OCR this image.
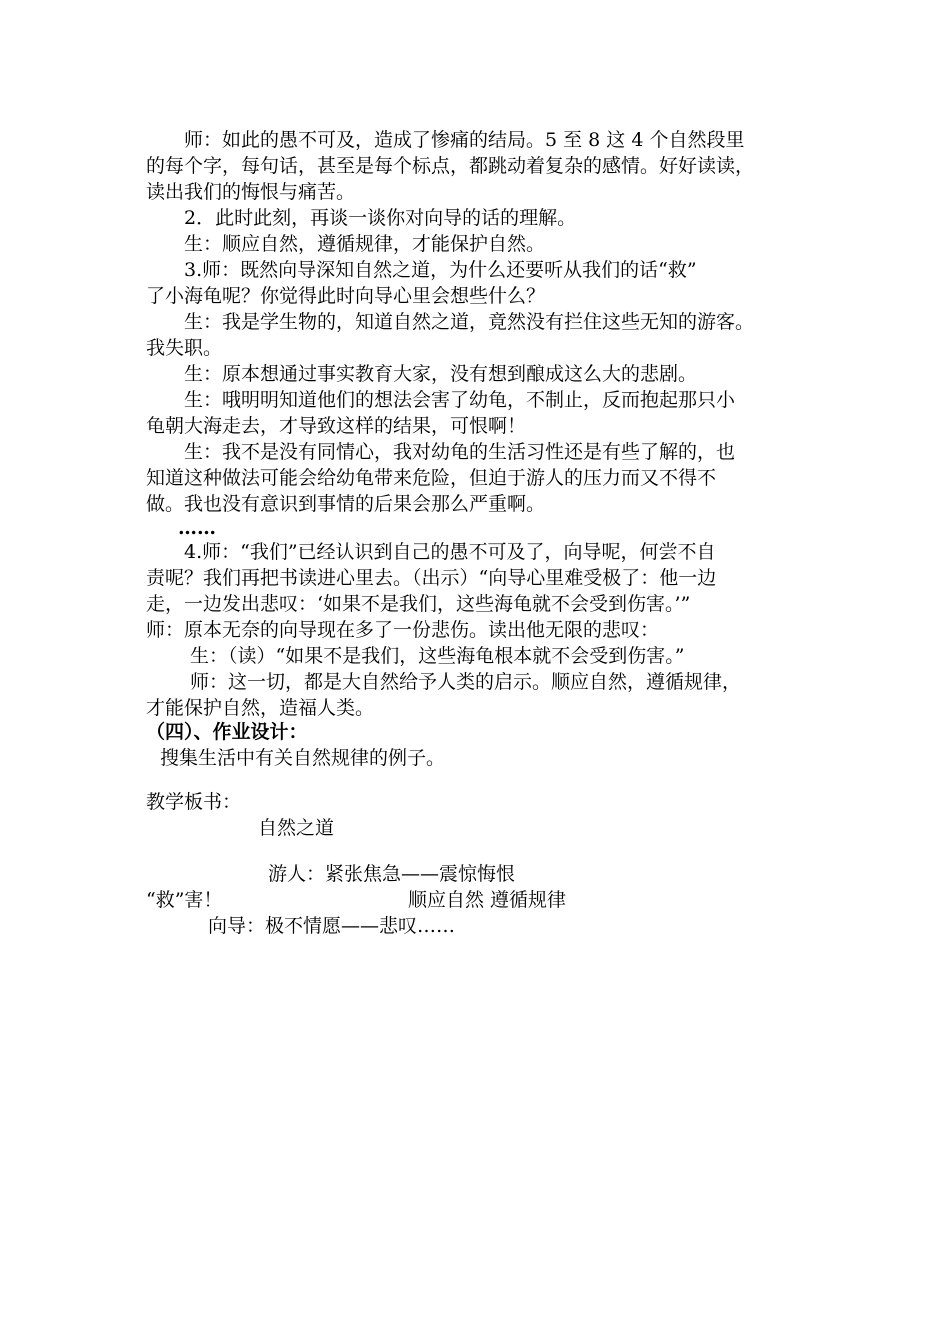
师：如此的愚不可及，造成了惨痛的结局。5 至 8 这 4 个自然段里
的每个字，每句话，甚至是每个标点，都跳动着复杂的感情。好好读读，
读出我们的悔恨与痛苦。
2．此时此刻，再谈一谈你对向导的话的理解。
生：顺应自然，遵循规律，才能保护自然。
3.师：既然向导深知自然之道，为什么还要听从我们的话“救”
了小海龟呢？你觉得此时向导心里会想些什么？
生：我是学生物的，知道自然之道，竟然没有拦住这些无知的游客。
我失职。
生：原本想通过事实教育大家，没有想到酿成这么大的悲剧。
生：哦明明知道他们的想法会害了幼龟，不制止，反而抱起那只小
龟朝大海走去，才导致这样的结果，可恨啊！
生：我不是没有同情心，我对幼龟的生活习性还是有些了解的，也
知道这种做法可能会给幼龟带来危险，但迫于游人的压力而又不得不
做。我也没有意识到事情的后果会那么严重啊。
……
4.师：“我们”已经认识到自己的愚不可及了，向导呢，何尝不自
责呢？我们再把书读进心里去。（出示）“向导心里难受极了：他一边
走，一边发出悲叹：‘如果不是我们，这些海龟就不会受到伤害。’”
师：原本无奈的向导现在多了一份悲伤。读出他无限的悲叹：
生：（读）“如果不是我们，这些海龟根本就不会受到伤害。”
师：这一切，都是大自然给予人类的启示。顺应自然，遵循规律，
才能保护自然，造福人类。
（四）、作业设计：
搜集生活中有关自然规律的例子。
教学板书：
自然之道
游人：紧张焦急——震惊悔恨
“救”害！	顺应自然 遵循规律
向导：极不情愿——悲叹……
